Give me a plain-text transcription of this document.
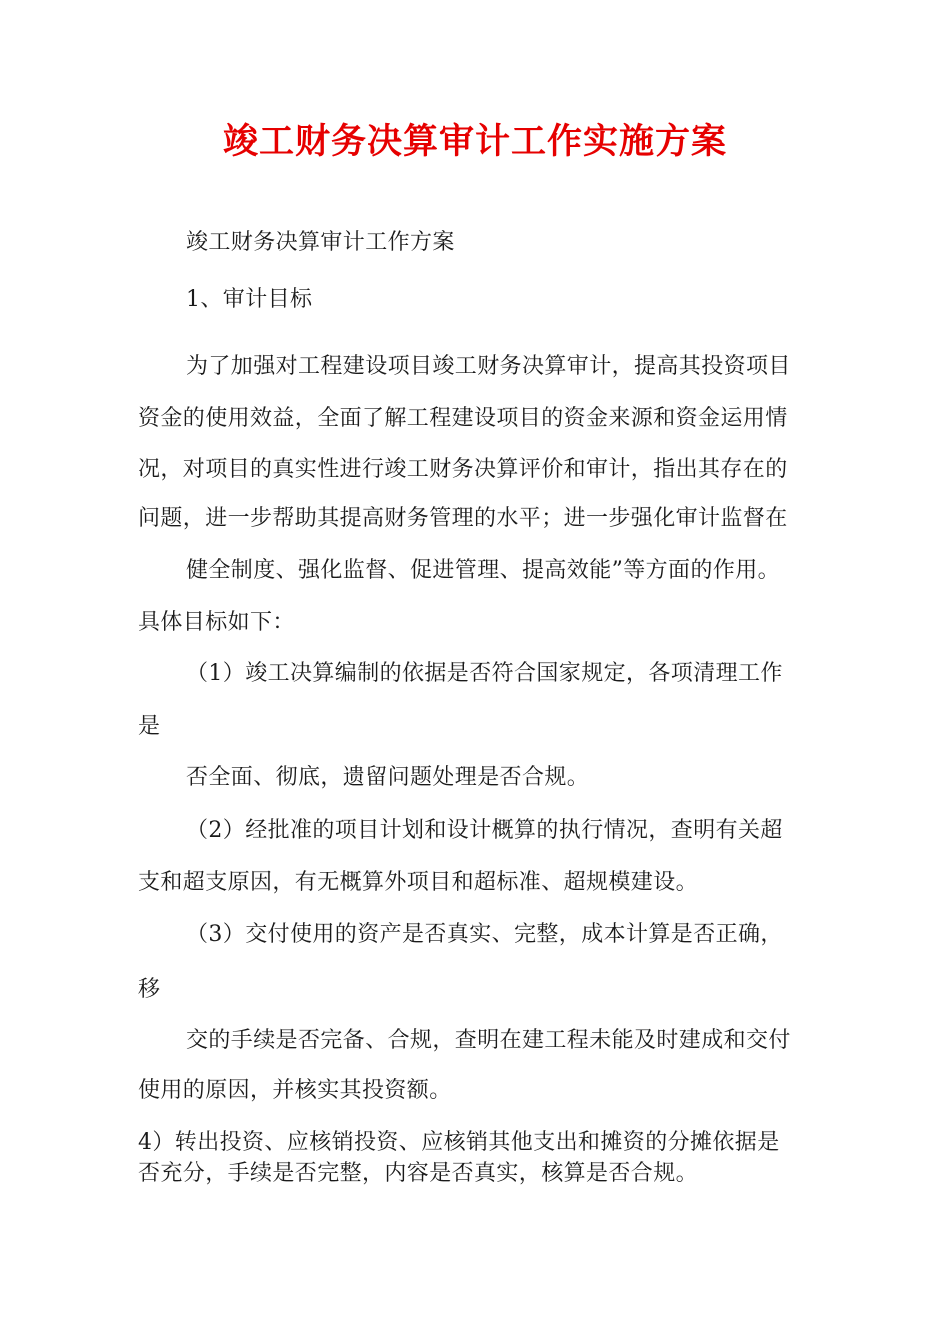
竣工财务决算审计工作实施方案
竣工财务决算审计工作方案
1、审计目标
为了加强对工程建设项目竣工财务决算审计，提高其投资项目
资金的使用效益，全面了解工程建设项目的资金来源和资金运用情
况，对项目的真实性进行竣工财务决算评价和审计，指出其存在的
问题，进一步帮助其提高财务管理的水平；进一步强化审计监督在
健全制度、强化监督、促进管理、提高效能”等方面的作用。
具体目标如下：
（1）竣工决算编制的依据是否符合国家规定，各项清理工作
是
否全面、彻底，遗留问题处理是否合规。
（2）经批准的项目计划和设计概算的执行情况，查明有关超
支和超支原因，有无概算外项目和超标准、超规模建设。
（3）交付使用的资产是否真实、完整，成本计算是否正确，
移
交的手续是否完备、合规，查明在建工程未能及时建成和交付
使用的原因，并核实其投资额。
4）转出投资、应核销投资、应核销其他支出和摊资的分摊依据是
否充分，手续是否完整，内容是否真实，核算是否合规。
